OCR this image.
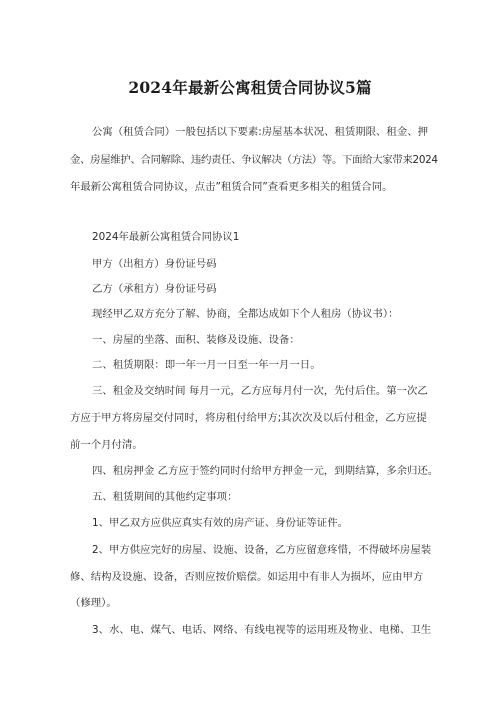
2024年最新公寓租赁合同协议5篇
公寓（租赁合同）一般包括以下要素:房屋基本状况、租赁期限、租金、押
金、房屋维护、合同解除、违约责任、争议解决（方法）等。下面给大家带来2024
年最新公寓租赁合同协议，点击”租赁合同”查看更多相关的租赁合同。
2024年最新公寓租赁合同协议1
甲方（出租方）身份证号码
乙方（承租方）身份证号码
现经甲乙双方充分了解、协商，全都达成如下个人租房（协议书）：
一、房屋的坐落、面积、装修及设施、设备：
二、租赁期限：即一年一月一日至一年一月一日。
三、租金及交纳时间 每月一元，乙方应每月付一次，先付后住。第一次乙
方应于甲方将房屋交付同时，将房租付给甲方;其次次及以后付租金，乙方应提
前一个月付清。
四、租房押金 乙方应于签约同时付给甲方押金一元，到期结算，多余归还。
五、租赁期间的其他约定事项：
1、甲乙双方应供应真实有效的房产证、身份证等证件。
2、甲方供应完好的房屋、设施、设备，乙方应留意疼惜，不得破坏房屋装
修、结构及设施、设备，否则应按价赔偿。如运用中有非人为损坏，应由甲方
（修理）。
3、水、电、煤气、电话、网络、有线电视等的运用班及物业、电梯、卫生
